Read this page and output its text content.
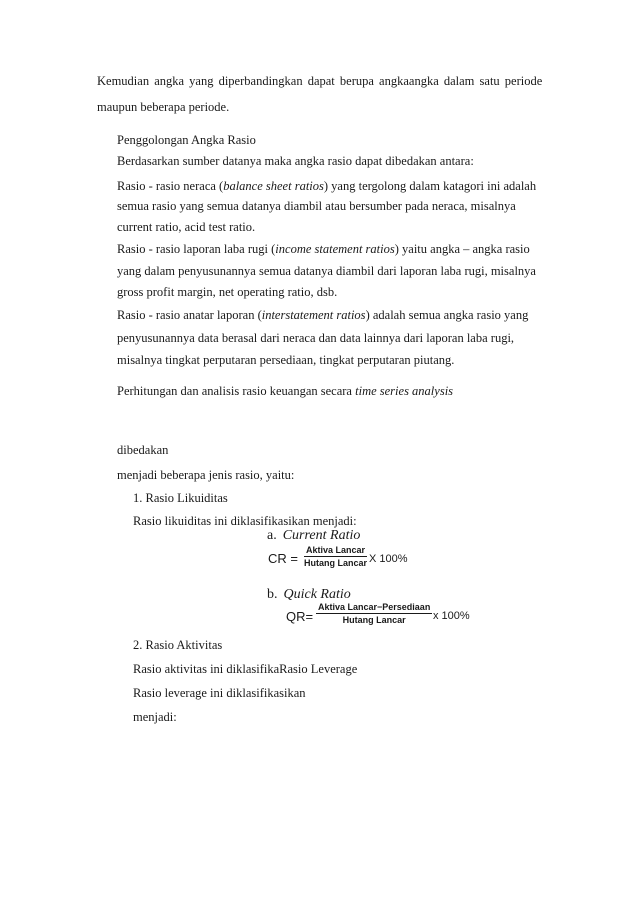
Kemudian angka yang diperbandingkan dapat berupa angkaangka dalam satu periode
maupun beberapa periode.
Penggolongan Angka Rasio
Berdasarkan sumber datanya maka angka rasio dapat dibedakan antara:
Rasio - rasio neraca (balance sheet ratios) yang tergolong dalam katagori ini adalah
semua rasio yang semua datanya diambil atau bersumber pada neraca, misalnya
current ratio, acid test ratio.
Rasio - rasio laporan laba rugi (income statement ratios) yaitu angka – angka rasio
yang dalam penyusunannya semua datanya diambil dari laporan laba rugi, misalnya
gross profit margin, net operating ratio, dsb.
Rasio - rasio anatar laporan (interstatement ratios) adalah semua angka rasio yang
penyusunannya data berasal dari neraca dan data lainnya dari laporan laba rugi,
misalnya tingkat perputaran persediaan, tingkat perputaran piutang.
Perhitungan dan analisis rasio keuangan secara time series analysis
dibedakan
menjadi beberapa jenis rasio, yaitu:
1. Rasio Likuiditas
Rasio likuiditas ini diklasifikasikan menjadi:
a. Current Ratio
CR =
Aktiva Lancar
Hutang Lancar X 100%
b. Quick Ratio
QR=
Aktiva Lancar−Persediaan
Hutang Lancar x 100%
2. Rasio Aktivitas
Rasio aktivitas ini diklasifikaRasio Leverage
Rasio leverage ini diklasifikasikan
menjadi:
